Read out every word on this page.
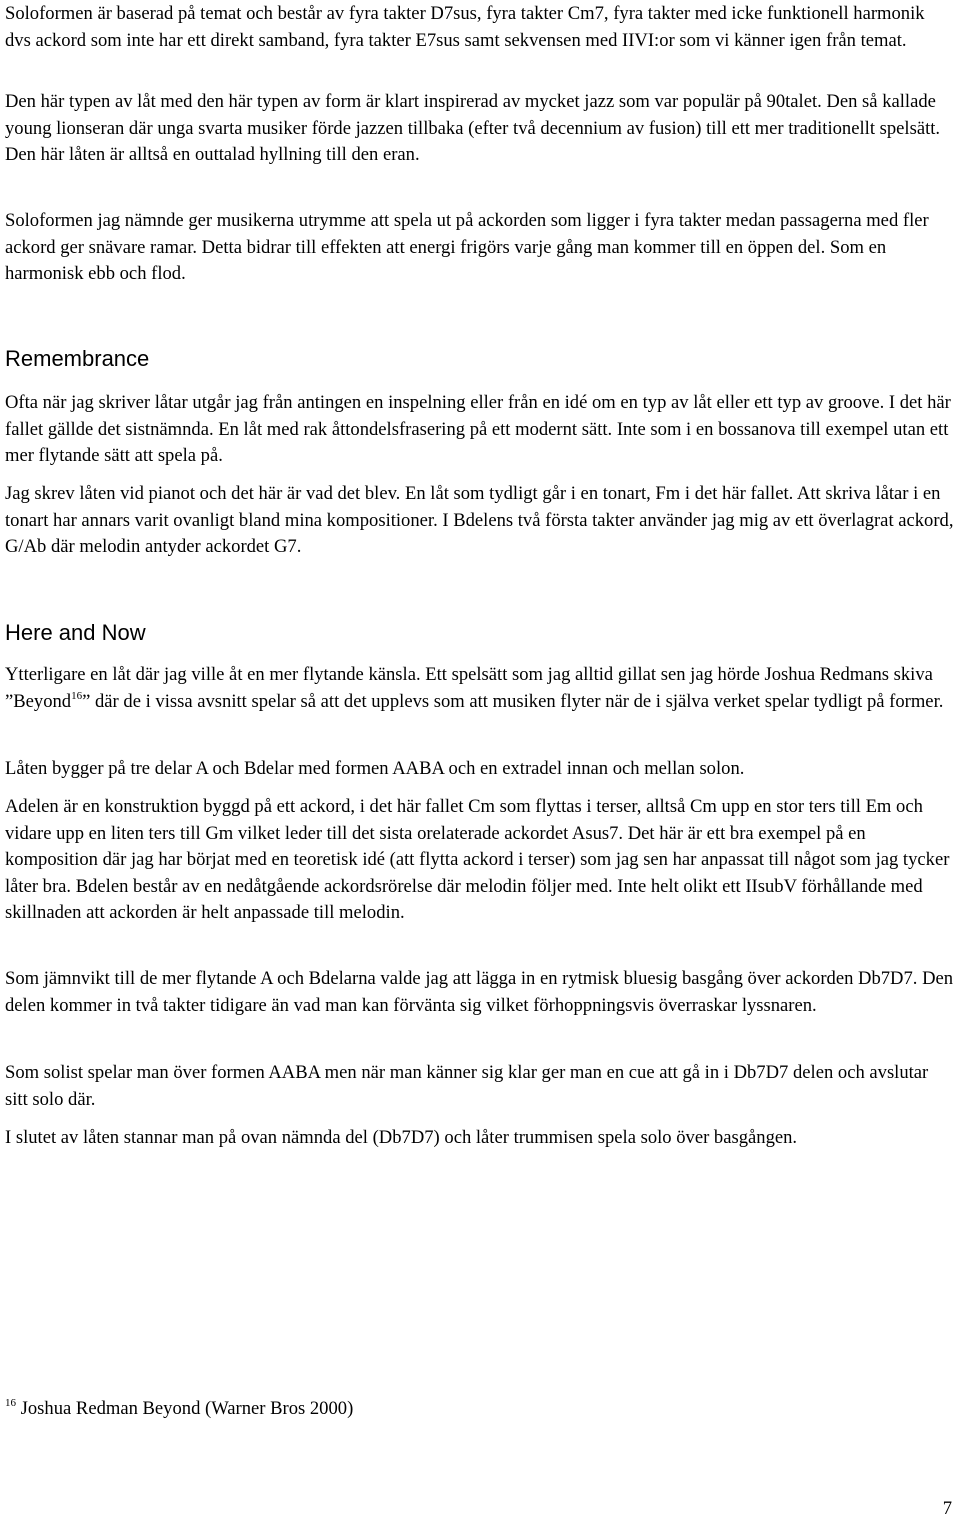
Soloformen är baserad på temat och består av fyra takter D7sus, fyra takter Cm7, fyra takter med icke funktionell harmonik dvs ackord som inte har ett direkt samband, fyra takter E7sus samt sekvensen med IIVI:or som vi känner igen från temat.

Den här typen av låt med den här typen av form är klart inspirerad av mycket jazz som var populär på 90talet. Den så kallade young lionseran där unga svarta musiker förde jazzen tillbaka (efter två decennium av fusion) till ett mer traditionellt spelsätt. Den här låten är alltså en outtalad hyllning till den eran.

Soloformen jag nämnde ger musikerna utrymme att spela ut på ackorden som ligger i fyra takter medan passagerna med fler ackord ger snävare ramar. Detta bidrar till effekten att energi frigörs varje gång man kommer till en öppen del. Som en harmonisk ebb och flod.

Remembrance

Ofta när jag skriver låtar utgår jag från antingen en inspelning eller från en idé om en typ av låt eller ett typ av groove. I det här fallet gällde det sistnämnda. En låt med rak åttondelsfrasering på ett modernt sätt. Inte som i en bossanova till exempel utan ett mer flytande sätt att spela på.

Jag skrev låten vid pianot och det här är vad det blev. En låt som tydligt går i en tonart, Fm i det här fallet. Att skriva låtar i en tonart har annars varit ovanligt bland mina kompositioner. I Bdelens två första takter använder jag mig av ett överlagrat ackord, G/Ab där melodin antyder ackordet G7.

Here and Now

Ytterligare en låt där jag ville åt en mer flytande känsla. Ett spelsätt som jag alltid gillat sen jag hörde Joshua Redmans skiva ”Beyond$^{16}$” där de i vissa avsnitt spelar så att det upplevs som att musiken flyter när de i själva verket spelar tydligt på former.

Låten bygger på tre delar A och Bdelar med formen AABA och en extradel innan och mellan solon.

Adelen är en konstruktion byggd på ett ackord, i det här fallet Cm som flyttas i terser, alltså Cm upp en stor ters till Em och vidare upp en liten ters till Gm vilket leder till det sista orelaterade ackordet Asus7. Det här är ett bra exempel på en komposition där jag har börjat med en teoretisk idé (att flytta ackord i terser) som jag sen har anpassat till något som jag tycker låter bra. Bdelen består av en nedåtgående ackordsrörelse där melodin följer med. Inte helt olikt ett IIsubV förhållande med skillnaden att ackorden är helt anpassade till melodin.

Som jämnvikt till de mer flytande A och Bdelarna valde jag att lägga in en rytmisk bluesig basgång över ackorden Db7D7. Den delen kommer in två takter tidigare än vad man kan förvänta sig vilket förhoppningsvis överraskar lyssnaren.

Som solist spelar man över formen AABA men när man känner sig klar ger man en cue att gå in i Db7D7 delen och avslutar sitt solo där.

I slutet av låten stannar man på ovan nämnda del (Db7D7) och låter trummisen spela solo över basgången.

$^{16}$ Joshua Redman Beyond (Warner Bros 2000)

7
